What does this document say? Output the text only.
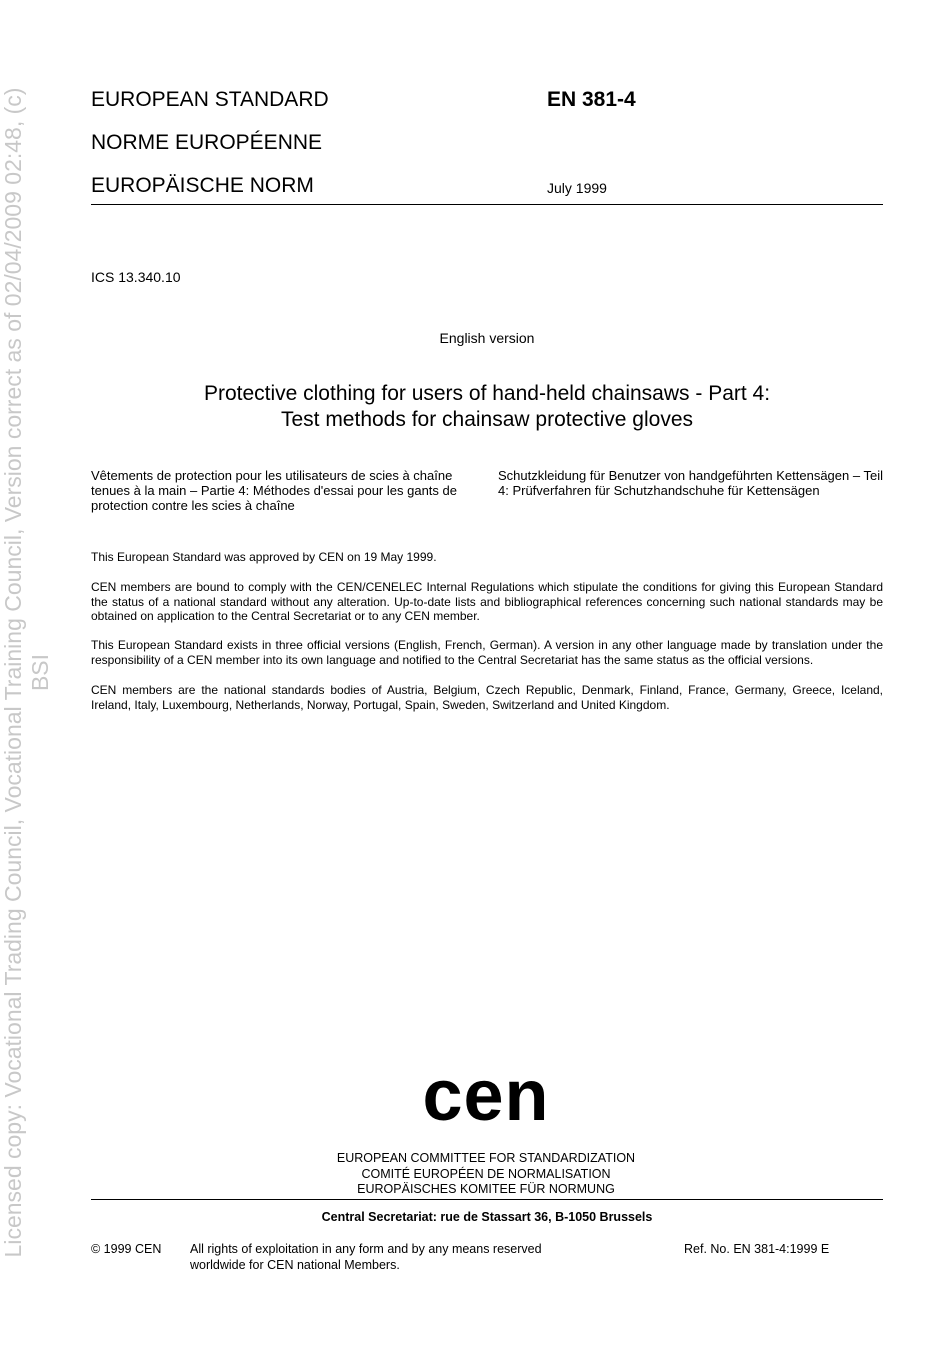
Licensed copy: Vocational Trading Council, Vocational Training Council, Version correct as of 02/04/2009 02:48, (c) BSI
EUROPEAN STANDARD
NORME EUROPÉENNE
EUROPÄISCHE NORM
EN 381-4
July 1999
ICS 13.340.10
English version
Protective clothing for users of hand-held chainsaws - Part 4:
Test methods for chainsaw protective gloves
Vêtements de protection pour les utilisateurs de scies à chaîne tenues à la main – Partie 4: Méthodes d'essai pour les gants de protection contre les scies à chaîne
Schutzkleidung für Benutzer von handgeführten Kettensägen – Teil 4: Prüfverfahren für Schutzhandschuhe für Kettensägen
This European Standard was approved by CEN on 19 May 1999.
CEN members are bound to comply with the CEN/CENELEC Internal Regulations which stipulate the conditions for giving this European Standard the status of a national standard without any alteration. Up-to-date lists and bibliographical references concerning such national standards may be obtained on application to the Central Secretariat or to any CEN member.
This European Standard exists in three official versions (English, French, German). A version in any other language made by translation under the responsibility of a CEN member into its own language and notified to the Central Secretariat has the same status as the official versions.
CEN members are the national standards bodies of Austria, Belgium, Czech Republic, Denmark, Finland, France, Germany, Greece, Iceland, Ireland, Italy, Luxembourg, Netherlands, Norway, Portugal, Spain, Sweden, Switzerland and United Kingdom.
cen
EUROPEAN COMMITTEE FOR STANDARDIZATION
COMITÉ EUROPÉEN DE NORMALISATION
EUROPÄISCHES KOMITEE FÜR NORMUNG
Central Secretariat: rue de Stassart 36, B-1050 Brussels
© 1999 CEN All rights of exploitation in any form and by any means reserved
worldwide for CEN national Members.
Ref. No. EN 381-4:1999 E
